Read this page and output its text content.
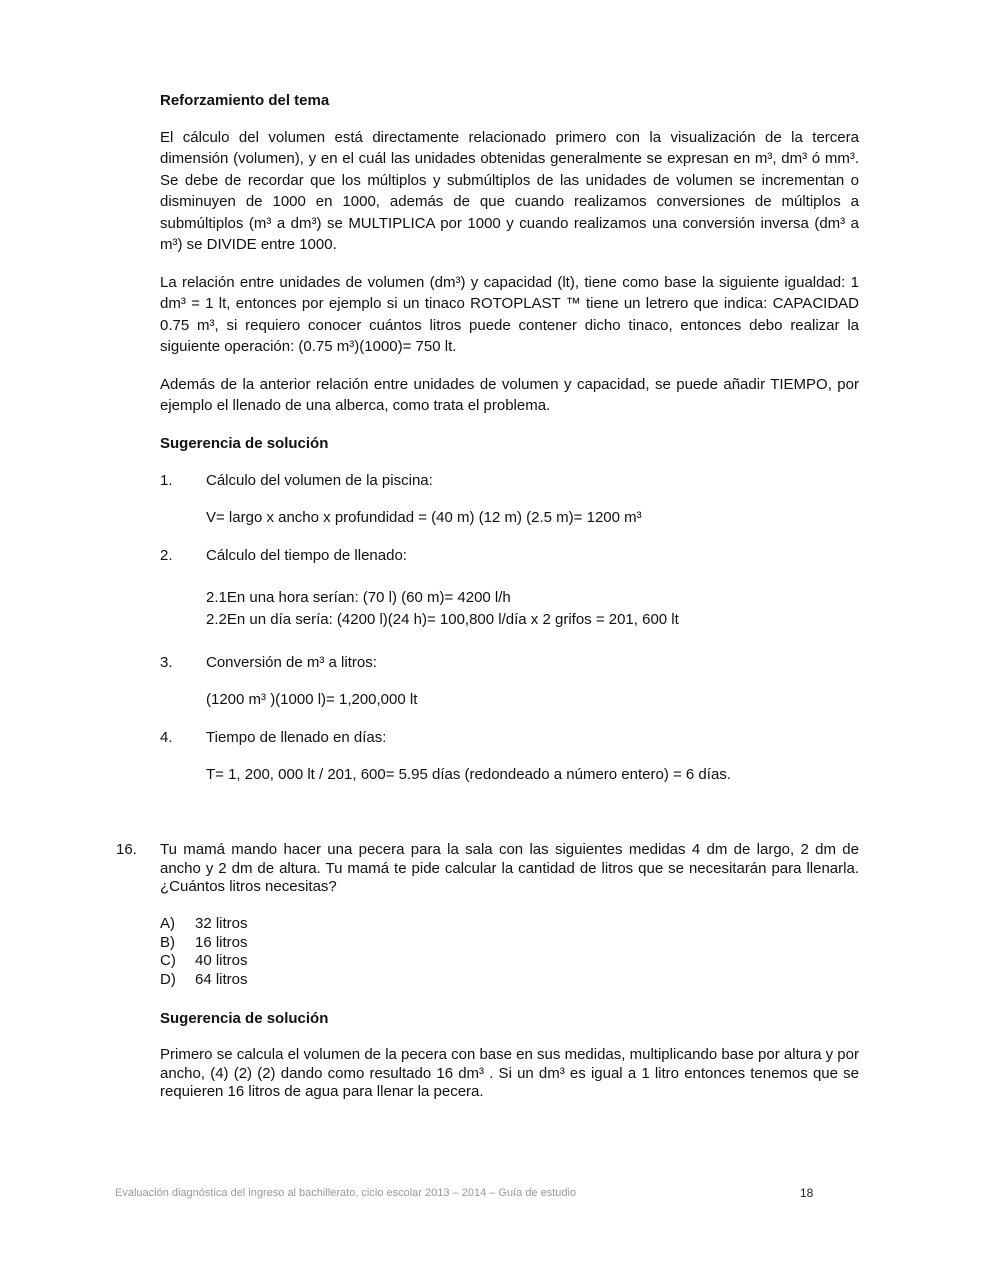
Reforzamiento del tema
El cálculo del volumen está directamente relacionado primero con la visualización de la tercera dimensión (volumen), y en el cuál las unidades obtenidas generalmente se expresan en m³, dm³ ó mm³. Se debe de recordar que los múltiplos y submúltiplos de las unidades de volumen se incrementan o disminuyen de 1000 en 1000, además de que cuando realizamos conversiones de múltiplos a submúltiplos (m³ a dm³) se MULTIPLICA por 1000 y cuando realizamos una conversión inversa (dm³ a m³) se DIVIDE entre 1000.
La relación entre unidades de volumen (dm³) y capacidad (lt), tiene como base la siguiente igualdad: 1 dm³ = 1 lt, entonces por ejemplo si un tinaco ROTOPLAST ™ tiene un letrero que indica: CAPACIDAD 0.75 m³, si requiero conocer cuántos litros puede contener dicho tinaco, entonces debo realizar la siguiente operación: (0.75 m³)(1000)= 750 lt.
Además de la anterior relación entre unidades de volumen y capacidad, se puede añadir TIEMPO, por ejemplo el llenado de una alberca, como trata el problema.
Sugerencia de solución
1. Cálculo del volumen de la piscina:
V= largo x ancho x profundidad = (40 m) (12 m) (2.5 m)= 1200 m³
2. Cálculo del tiempo de llenado:
2.1En una hora serían: (70 l) (60 m)= 4200 l/h
2.2En un día sería: (4200 l)(24 h)= 100,800 l/día x 2 grifos = 201, 600 lt
3. Conversión de m³ a litros:
(1200 m³ )(1000 l)= 1,200,000 lt
4. Tiempo de llenado en días:
T= 1, 200, 000 lt / 201, 600= 5.95 días (redondeado a número entero) = 6 días.
16. Tu mamá mando hacer una pecera para la sala con las siguientes medidas 4 dm de largo, 2 dm de ancho y 2 dm de altura. Tu mamá te pide calcular la cantidad de litros que se necesitarán para llenarla. ¿Cuántos litros necesitas?
A) 32 litros
B) 16 litros
C) 40 litros
D) 64 litros
Sugerencia de solución
Primero se calcula el volumen de la pecera con base en sus medidas, multiplicando base por altura y por ancho, (4) (2) (2) dando como resultado 16 dm³ . Si un dm³ es igual a 1 litro entonces tenemos que se requieren 16 litros de agua para llenar la pecera.
Evaluación diagnóstica del ingreso al bachillerato, ciclo escolar 2013 – 2014 – Guía de estudio	18
